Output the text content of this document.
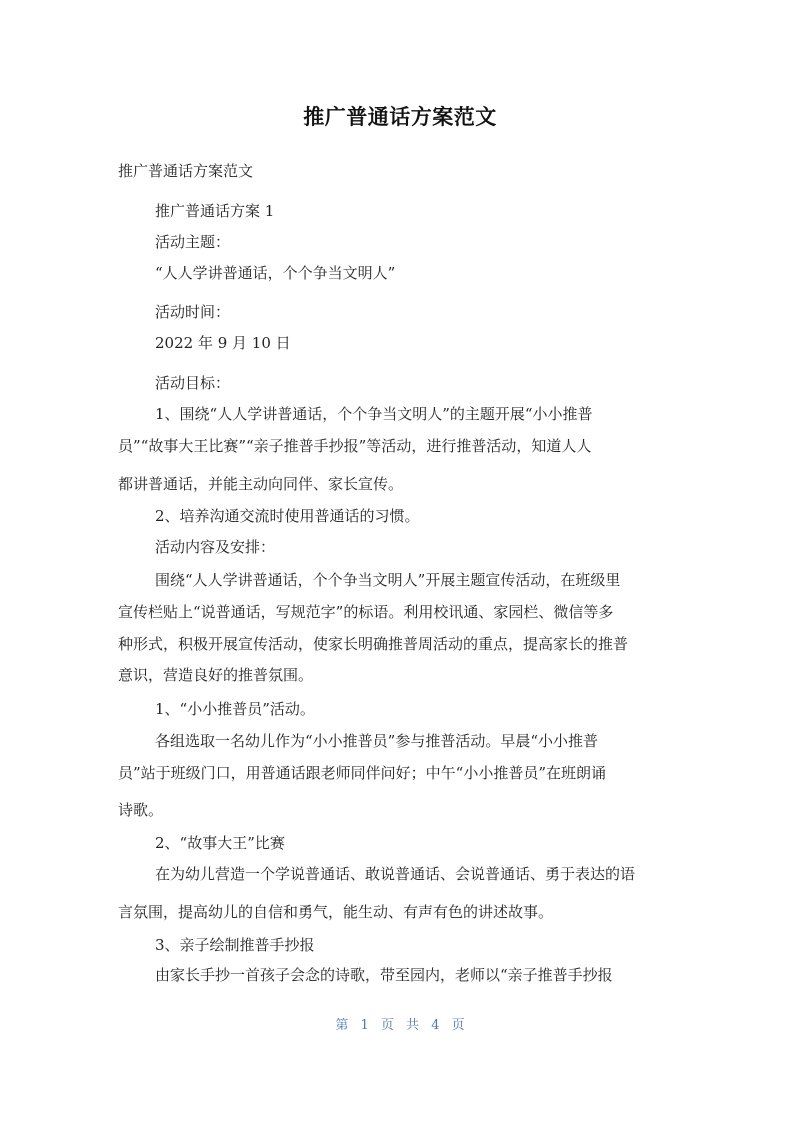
推广普通话方案范文
推广普通话方案范文
推广普通话方案 1
活动主题：
“人人学讲普通话，个个争当文明人”
活动时间：
2022 年 9 月 10 日
活动目标：
1、围绕“人人学讲普通话，个个争当文明人”的主题开展“小小推普
员”“故事大王比赛”“亲子推普手抄报”等活动，进行推普活动，知道人人
都讲普通话，并能主动向同伴、家长宣传。
2、培养沟通交流时使用普通话的习惯。
活动内容及安排：
围绕“人人学讲普通话，个个争当文明人”开展主题宣传活动，在班级里
宣传栏贴上“说普通话，写规范字”的标语。利用校讯通、家园栏、微信等多
种形式，积极开展宣传活动，使家长明确推普周活动的重点，提高家长的推普
意识，营造良好的推普氛围。
1、“小小推普员”活动。
各组选取一名幼儿作为“小小推普员”参与推普活动。早晨“小小推普
员”站于班级门口，用普通话跟老师同伴问好；中午“小小推普员”在班朗诵
诗歌。
2、“故事大王”比赛
在为幼儿营造一个学说普通话、敢说普通话、会说普通话、勇于表达的语
言氛围，提高幼儿的自信和勇气，能生动、有声有色的讲述故事。
3、亲子绘制推普手抄报
由家长手抄一首孩子会念的诗歌，带至园内，老师以“亲子推普手抄报
第 1 页 共 4 页
